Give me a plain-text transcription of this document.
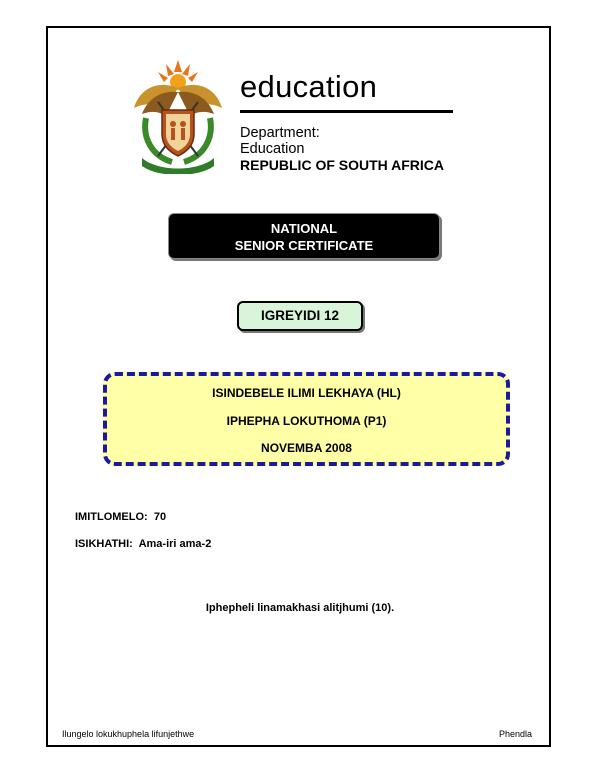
education
Department:
Education
REPUBLIC OF SOUTH AFRICA
NATIONAL
SENIOR CERTIFICATE
IGREYIDI 12
ISINDEBELE ILIMI LEKHAYA (HL)
IPHEPHA LOKUTHOMA (P1)
NOVEMBA 2008
IMITLOMELO: 70
ISIKHATHI: Ama-iri ama-2
Iphepheli linamakhasi alitjhumi (10).
Ilungelo lokukhuphela lifunjethwe	Phendla
